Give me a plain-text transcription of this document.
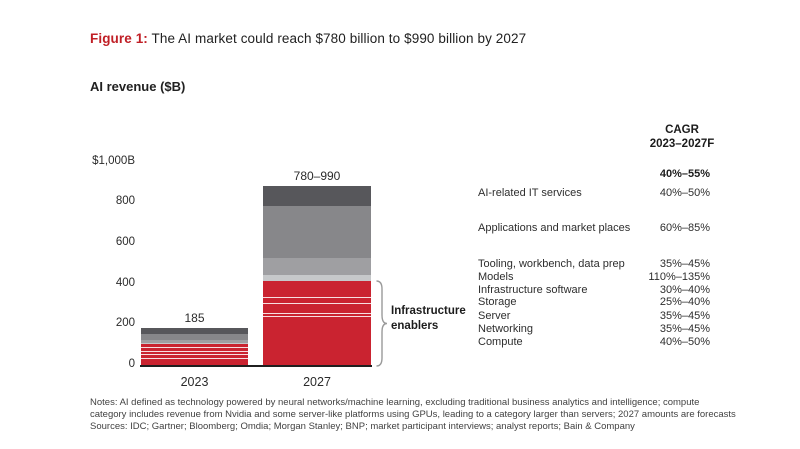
Figure 1: The AI market could reach $780 billion to $990 billion by 2027
AI revenue ($B)
0
200
400
600
800
$1,000B
185
2023
780–990
2027
AI-related IT services	40%–50%
Applications and market places	60%–85%
Tooling, workbench, data prep	35%–45%
Models	110%–135%
Infrastructure software	30%–40%
Storage	25%–40%
Server	35%–45%
Networking	35%–45%
Compute	40%–50%
Infrastructure enablers
CAGR
2023–2027F
40%–55%
Notes: AI defined as technology powered by neural networks/machine learning, excluding traditional business analytics and intelligence; compute
category includes revenue from Nvidia and some server-like platforms using GPUs, leading to a category larger than servers; 2027 amounts are forecasts
Sources: IDC; Gartner; Bloomberg; Omdia; Morgan Stanley; BNP; market participant interviews; analyst reports; Bain & Company
